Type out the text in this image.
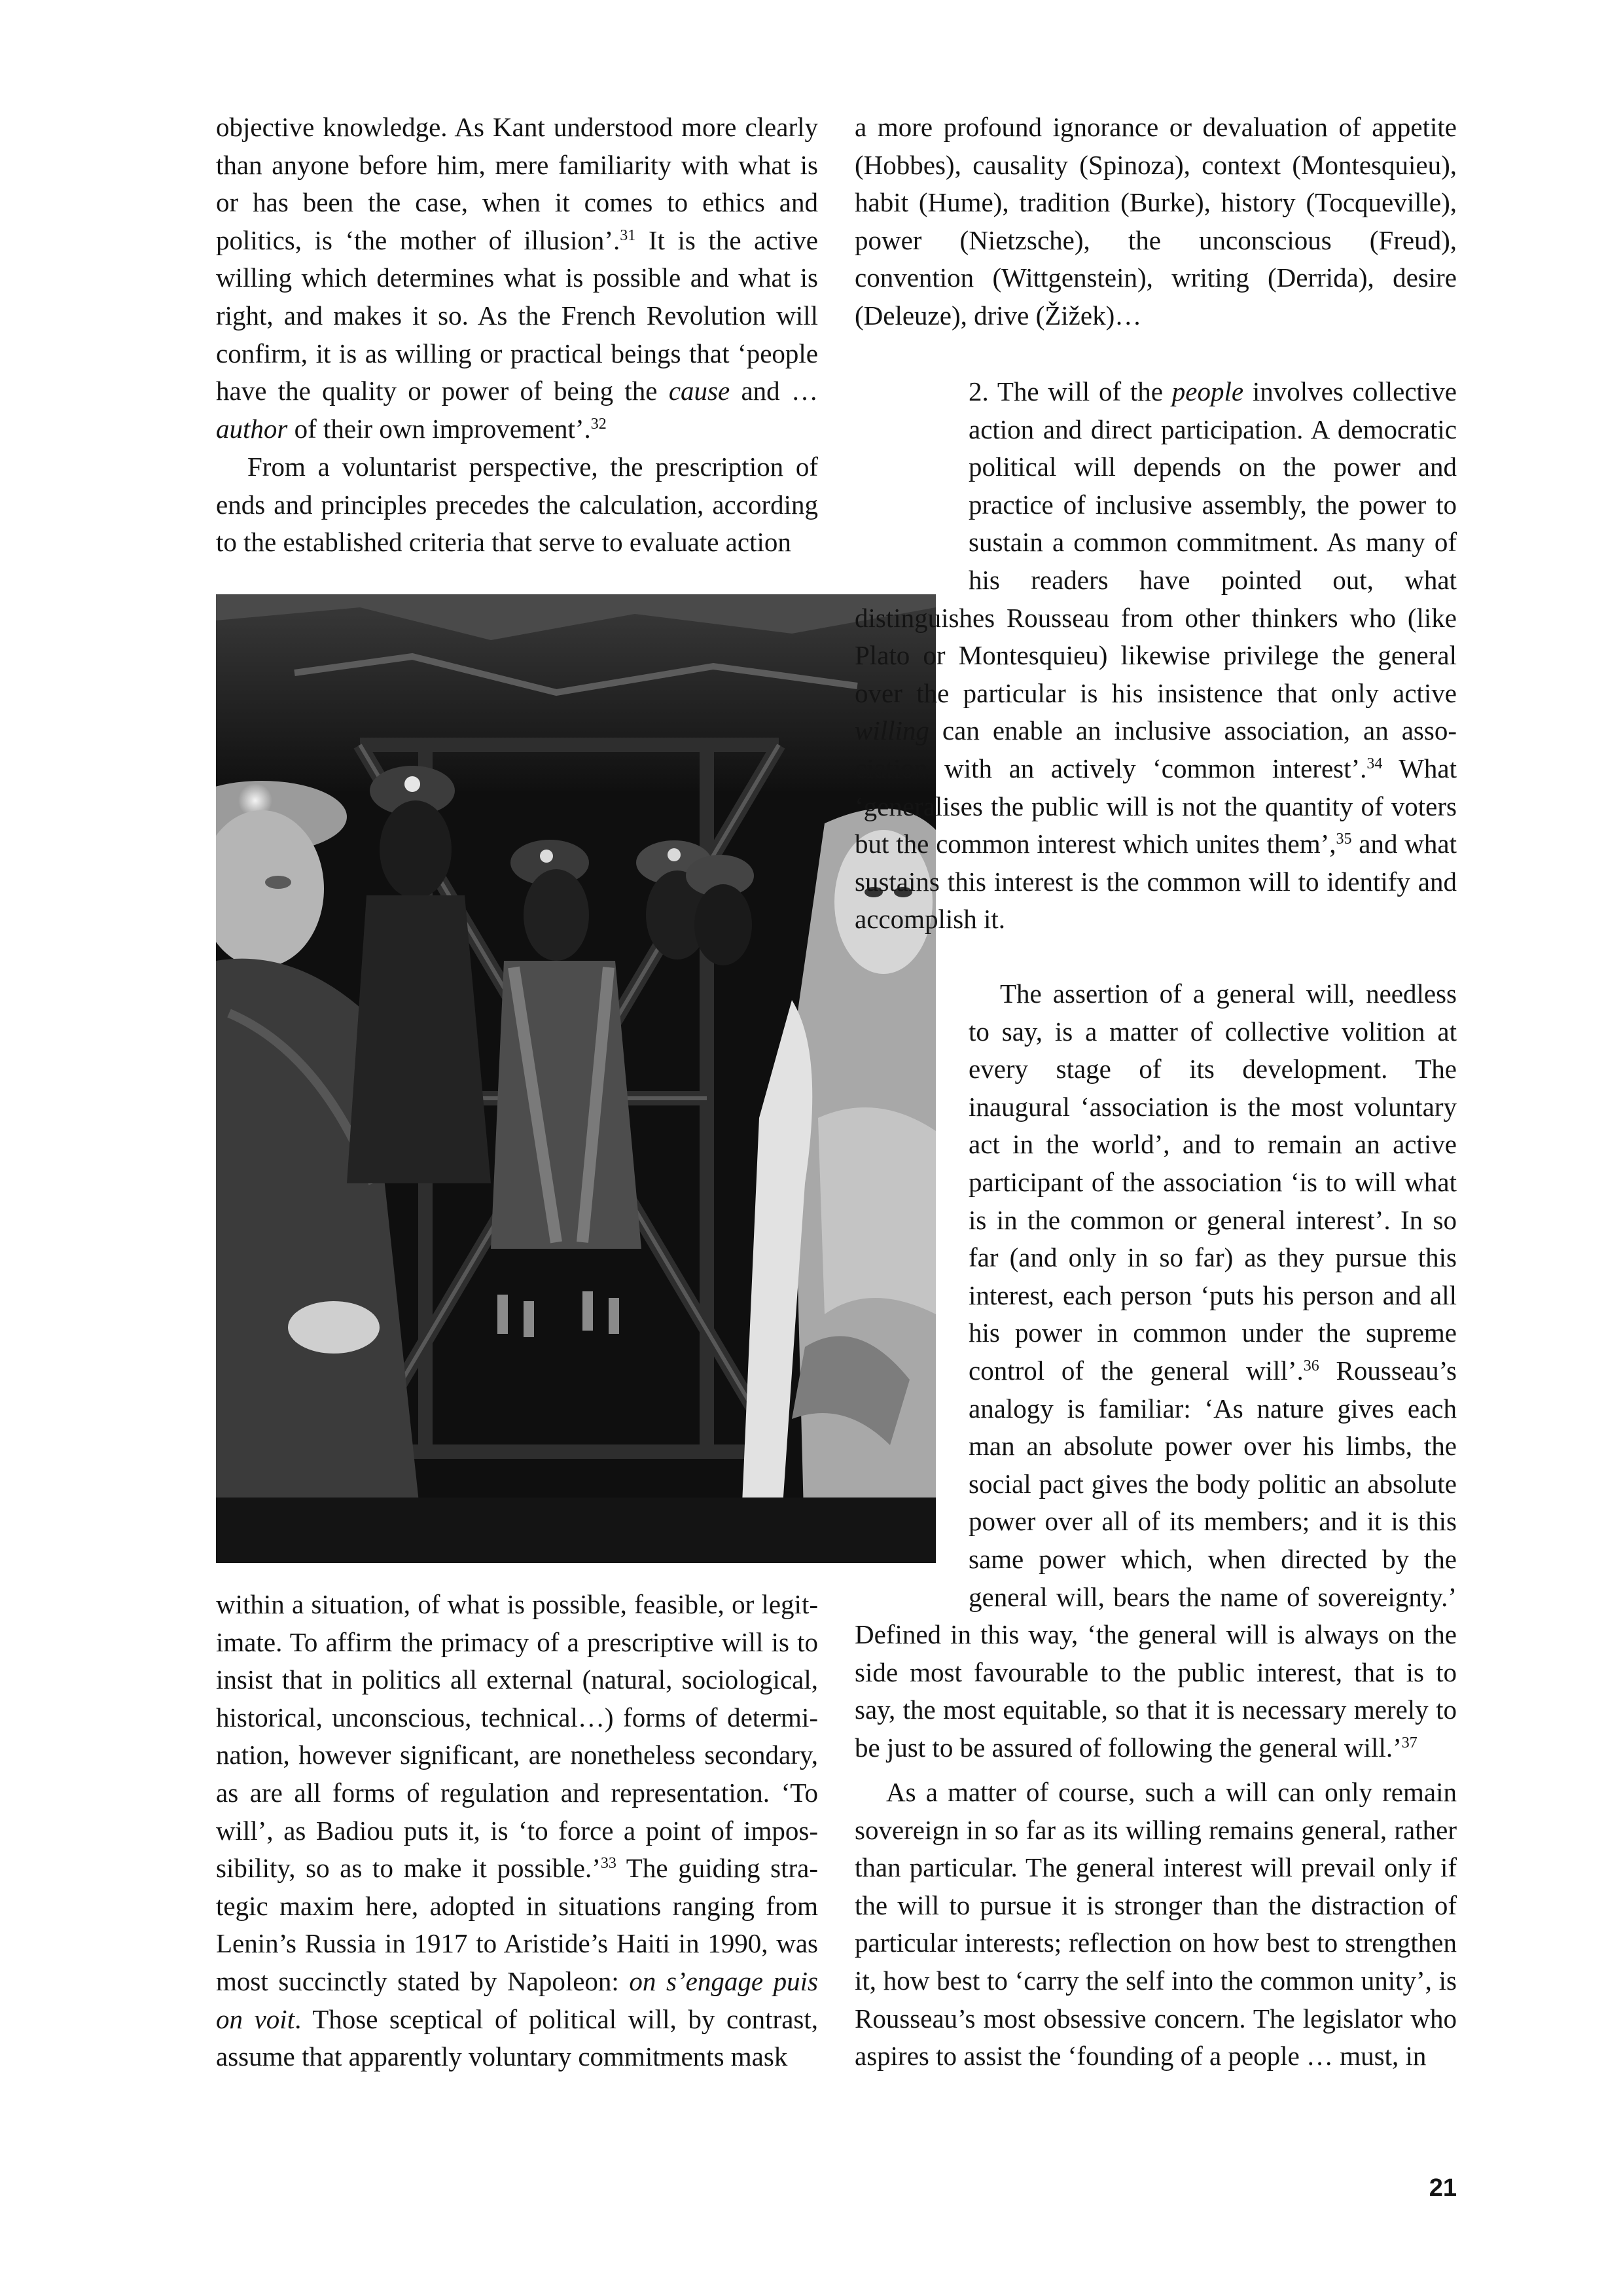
objective knowledge. As Kant understood more clearly than anyone before him, mere familiarity with what is or has been the case, when it comes to ethics and politics, is ‘the mother of illusion’.$^{31}$ It is the active willing which determines what is possible and what is right, and makes it so. As the French Revolution will confirm, it is as willing or practical beings that ‘people have the quality or power of being the cause and … author of their own improvement’.$^{32}$

From a voluntarist perspective, the prescription of ends and principles precedes the calculation, according to the established criteria that serve to evaluate action

within a situation, of what is possible, feasible, or legitimate. To affirm the primacy of a prescriptive will is to insist that in politics all external (natural, sociological, historical, unconscious, technical…) forms of determination, however significant, are nonetheless secondary, as are all forms of regulation and representation. ‘To will’, as Badiou puts it, is ‘to force a point of impossibility, so as to make it possible.’$^{33}$ The guiding strategic maxim here, adopted in situations ranging from Lenin’s Russia in 1917 to Aristide’s Haiti in 1990, was most succinctly stated by Napoleon: on s’engage puis on voit. Those sceptical of political will, by contrast, assume that apparently voluntary commitments mask

a more profound ignorance or devaluation of appetite (Hobbes), causality (Spinoza), context (Montesquieu), habit (Hume), tradition (Burke), history (Tocqueville), power (Nietzsche), the unconscious (Freud), convention (Wittgenstein), writing (Derrida), desire (Deleuze), drive (Žižek)…

2. The will of the people involves collective action and direct participation. A democratic political will depends on the power and practice of inclusive assembly, the power to sustain a common commitment. As many of his readers have pointed out, what distinguishes Rousseau from other thinkers who (like Plato or Montesquieu) likewise privilege the general over the particular is his insistence that only active willing can enable an inclusive association, an association with an actively ‘common interest’.$^{34}$ What ‘generalises the public will is not the quantity of voters but the common interest which unites them’,$^{35}$ and what sustains this interest is the common will to identify and accomplish it.

The assertion of a general will, needless to say, is a matter of collective volition at every stage of its development. The inaugural ‘association is the most voluntary act in the world’, and to remain an active participant of the association ‘is to will what is in the common or general interest’. In so far (and only in so far) as they pursue this interest, each person ‘puts his person and all his power in common under the supreme control of the general will’.$^{36}$ Rousseau’s analogy is familiar: ‘As nature gives each man an absolute power over his limbs, the social pact gives the body politic an absolute power over all of its members; and it is this same power which, when directed by the general will, bears the name of sovereignty.’ Defined in this way, ‘the general will is always on the side most favourable to the public interest, that is to say, the most equitable, so that it is necessary merely to be just to be assured of following the general will.’$^{37}$

As a matter of course, such a will can only remain sovereign in so far as its willing remains general, rather than particular. The general interest will prevail only if the will to pursue it is stronger than the distraction of particular interests; reflection on how best to strengthen it, how best to ‘carry the self into the common unity’, is Rousseau’s most obsessive concern. The legislator who aspires to assist the ‘founding of a people … must, in

21
